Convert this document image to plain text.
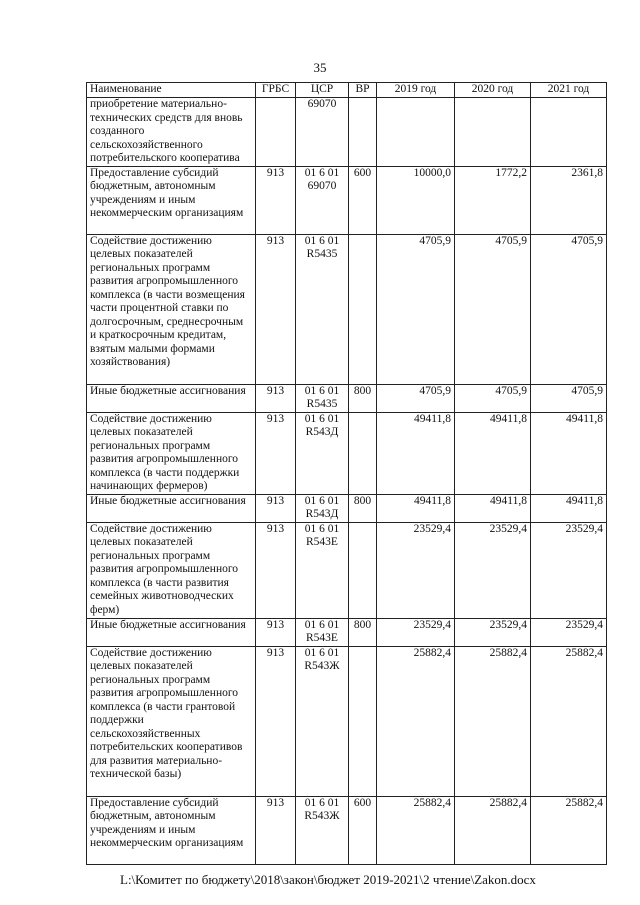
35
Наименование	ГРБС	ЦСР	ВР	2019 год	2020 год	2021 год
приобретение материально-технических средств для вновь созданного сельскохозяйственного потребительского кооператива		69070				
Предоставление субсидий бюджетным, автономным учреждениям и иным некоммерческим организациям	913	01 6 01 69070	600	10000,0	1772,2	2361,8
Содействие достижению целевых показателей региональных программ развития агропромышленного комплекса (в части возмещения части процентной ставки по долгосрочным, среднесрочным и краткосрочным кредитам, взятым малыми формами хозяйствования)	913	01 6 01 R5435		4705,9	4705,9	4705,9
Иные бюджетные ассигнования	913	01 6 01 R5435	800	4705,9	4705,9	4705,9
Содействие достижению целевых показателей региональных программ развития агропромышленного комплекса (в части поддержки начинающих фермеров)	913	01 6 01 R543Д		49411,8	49411,8	49411,8
Иные бюджетные ассигнования	913	01 6 01 R543Д	800	49411,8	49411,8	49411,8
Содействие достижению целевых показателей региональных программ развития агропромышленного комплекса (в части развития семейных животноводческих ферм)	913	01 6 01 R543E		23529,4	23529,4	23529,4
Иные бюджетные ассигнования	913	01 6 01 R543E	800	23529,4	23529,4	23529,4
Содействие достижению целевых показателей региональных программ развития агропромышленного комплекса (в части грантовой поддержки сельскохозяйственных потребительских кооперативов для развития материально-технической базы)	913	01 6 01 R543Ж		25882,4	25882,4	25882,4
Предоставление субсидий бюджетным, автономным учреждениям и иным некоммерческим организациям	913	01 6 01 R543Ж	600	25882,4	25882,4	25882,4
L:\Комитет по бюджету\2018\закон\бюджет 2019-2021\2 чтение\Zakon.docx
